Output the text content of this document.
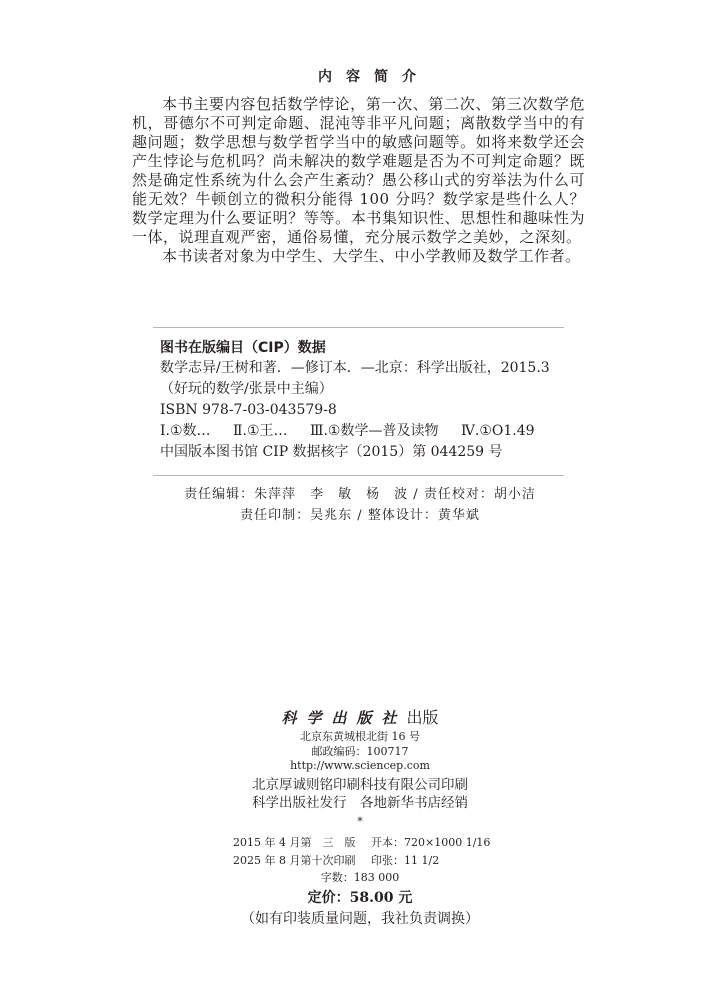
内容简介

本书主要内容包括数学悖论，第一次、第二次、第三次数学危机，哥德尔不可判定命题、混沌等非平凡问题；离散数学当中的有趣问题；数学思想与数学哲学当中的敏感问题等。如将来数学还会产生悖论与危机吗？尚未解决的数学难题是否为不可判定命题？既然是确定性系统为什么会产生紊动？愚公移山式的穷举法为什么可能无效？牛顿创立的微积分能得 100 分吗？数学家是些什么人？数学定理为什么要证明？等等。本书集知识性、思想性和趣味性为一体，说理直观严密，通俗易懂，充分展示数学之美妙，之深刻。

本书读者对象为中学生、大学生、中小学教师及数学工作者。

图书在版编目（CIP）数据
数学志异/王树和著．—修订本．—北京：科学出版社，2015.3
（好玩的数学/张景中主编）
ISBN 978-7-03-043579-8
Ⅰ.①数… Ⅱ.①王… Ⅲ.①数学—普及读物 Ⅳ.①O1.49
中国版本图书馆 CIP 数据核字（2015）第 044259 号
责任编辑：朱萍萍　李　敏　杨　波 / 责任校对：胡小洁
责任印制：吴兆东 / 整体设计：黄华斌
科学出版社出版
北京东黄城根北街 16 号
邮政编码：100717
http://www.sciencep.com
北京厚诚则铭印刷科技有限公司印刷
科学出版社发行　各地新华书店经销
*
2015 年 4 月第　三　版 开本：720×1000 1/16
2025 年 8 月第十次印刷 印张：11 1/2
字数：183 000
定价：58.00 元
（如有印装质量问题，我社负责调换）
